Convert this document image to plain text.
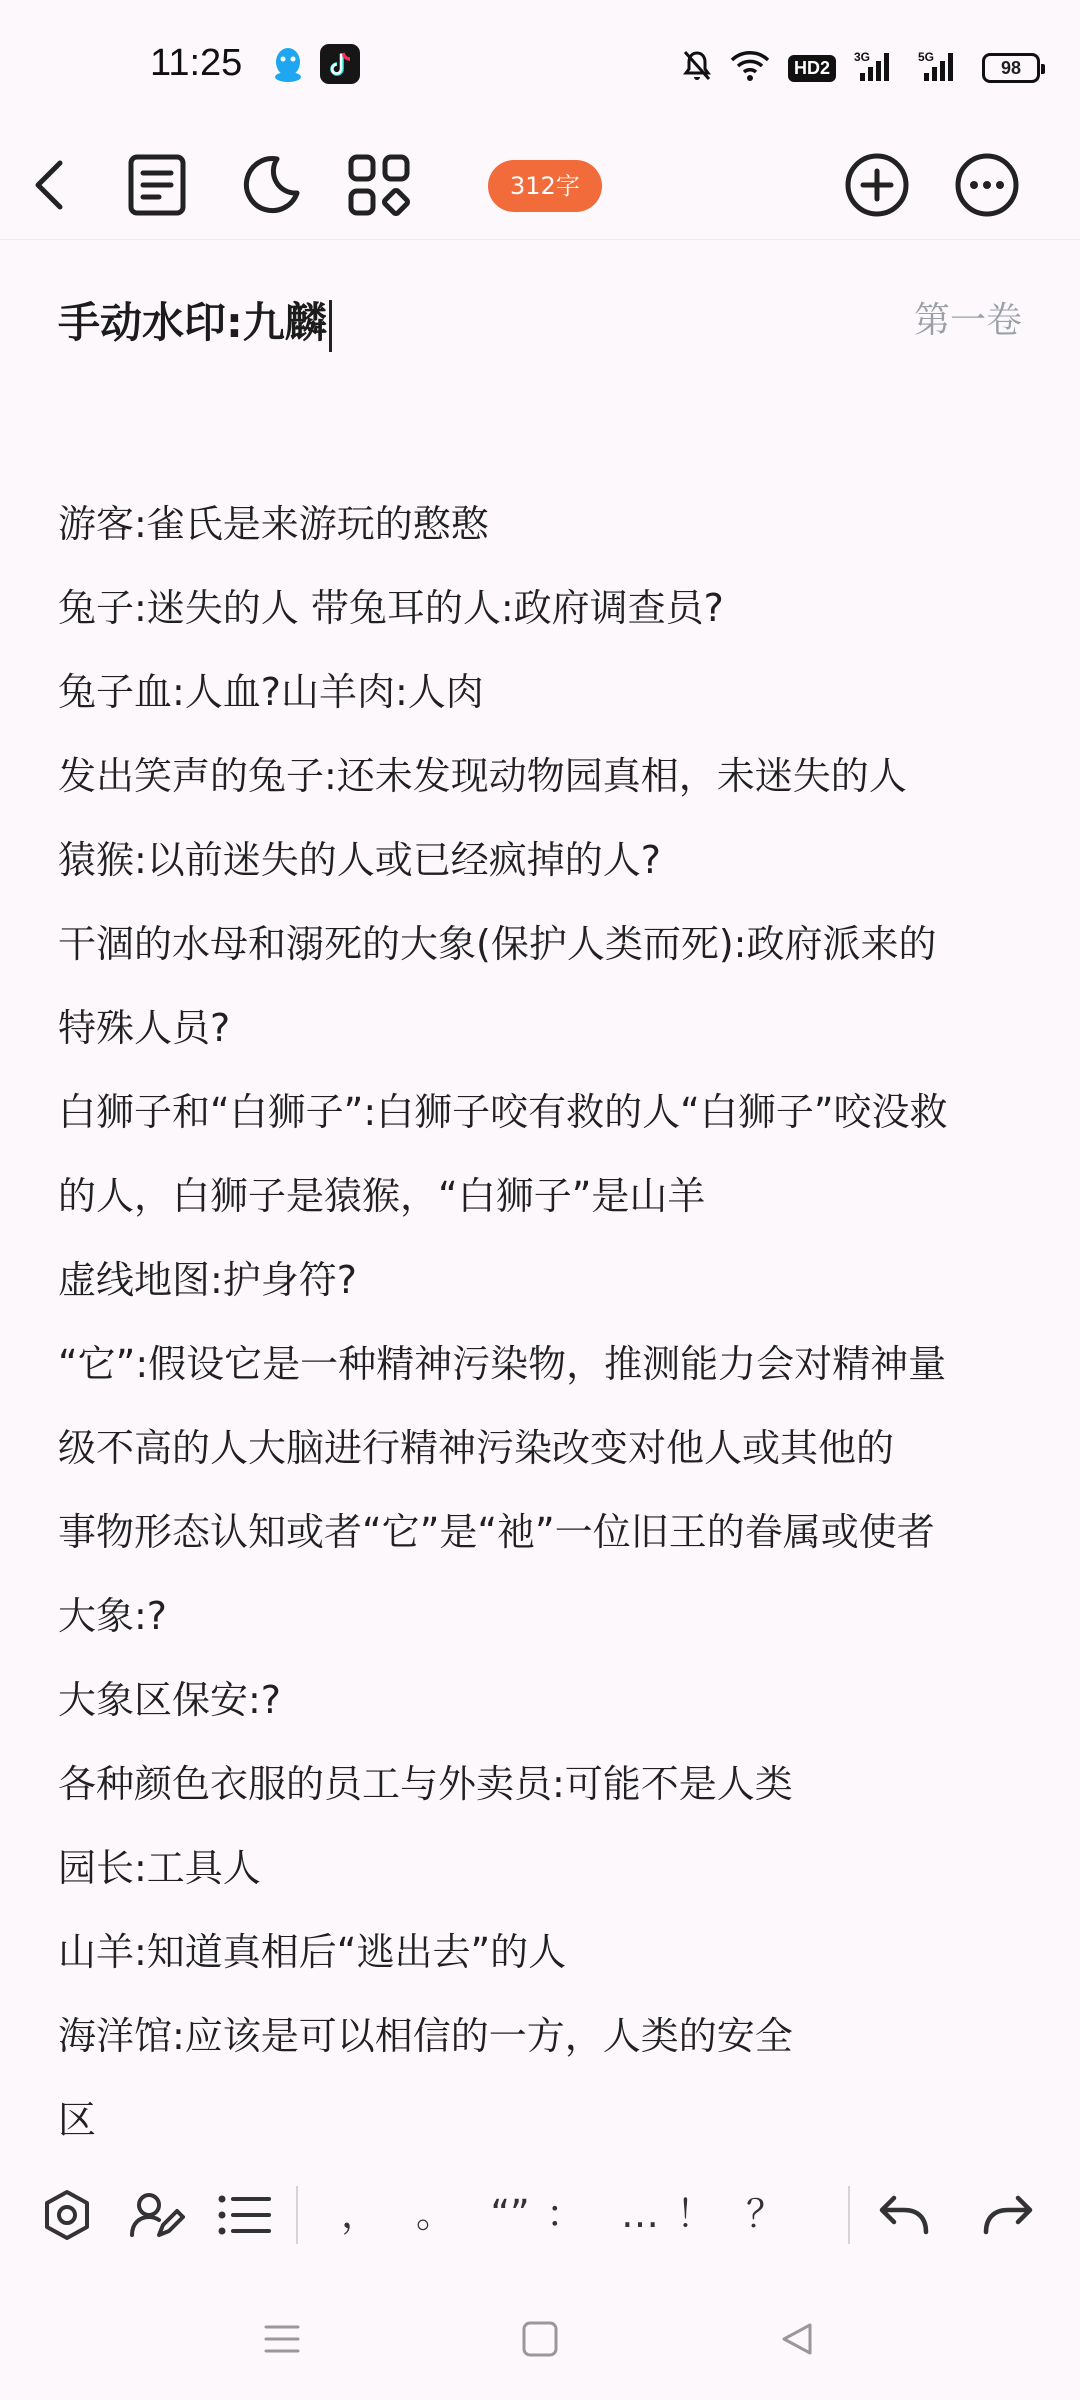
11:25	HD2
3G	5G
98
312字
手动水印:九麟	第一卷
游客:雀氏是来游玩的憨憨
兔子:迷失的人 带兔耳的人:政府调查员?
兔子血:人血?山羊肉:人肉
发出笑声的兔子:还未发现动物园真相，未迷失的人
猿猴:以前迷失的人或已经疯掉的人?
干涸的水母和溺死的大象(保护人类而死):政府派来的
特殊人员?
白狮子和“白狮子”:白狮子咬有救的人“白狮子”咬没救
的人，白狮子是猿猴，“白狮子”是山羊
虚线地图:护身符?
“它”:假设它是一种精神污染物，推测能力会对精神量
级不高的人大脑进行精神污染改变对他人或其他的
事物形态认知或者“它”是“祂”一位旧王的眷属或使者
大象:?
大象区保安:?
各种颜色衣服的员工与外卖员:可能不是人类
园长:工具人
山羊:知道真相后“逃出去”的人
海洋馆:应该是可以相信的一方，人类的安全
区
， 。 “” ： … ！ ？
